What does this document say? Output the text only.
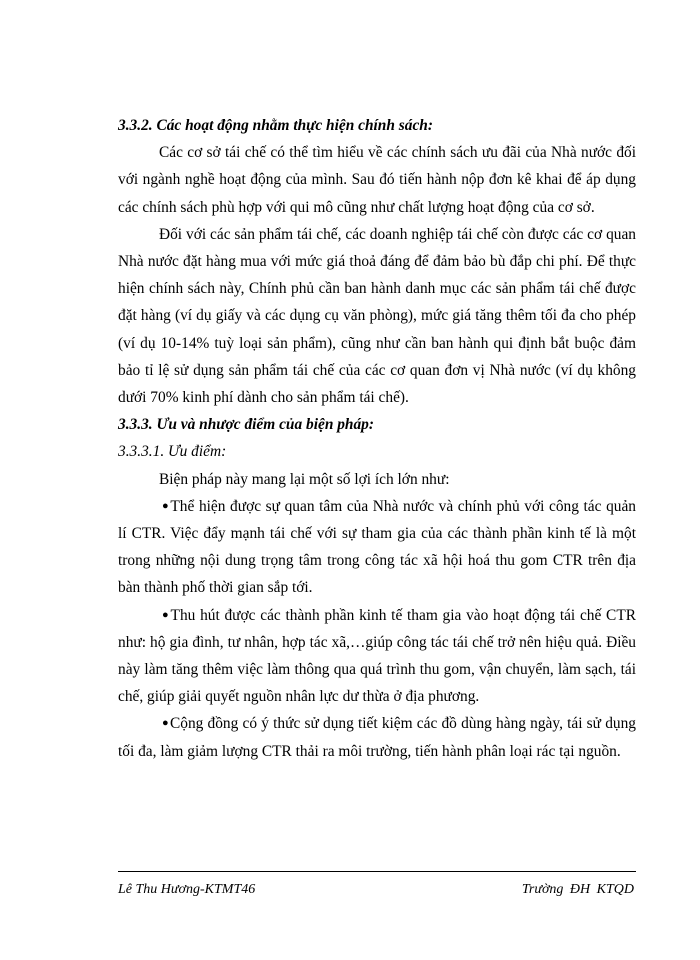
3.3.2. Các hoạt động nhằm thực hiện chính sách:

Các cơ sở tái chế có thể tìm hiểu về các chính sách ưu đãi của Nhà nước đối với ngành nghề hoạt động của mình. Sau đó tiến hành nộp đơn kê khai để áp dụng các chính sách phù hợp với qui mô cũng như chất lượng hoạt động của cơ sở.

Đối với các sản phẩm tái chế, các doanh nghiệp tái chế còn được các cơ quan Nhà nước đặt hàng mua với mức giá thoả đáng để đảm bảo bù đắp chi phí. Để thực hiện chính sách này, Chính phủ cần ban hành danh mục các sản phẩm tái chế được đặt hàng (ví dụ giấy và các dụng cụ văn phòng), mức giá tăng thêm tối đa cho phép (ví dụ 10-14% tuỳ loại sản phẩm), cũng như cần ban hành qui định bắt buộc đảm bảo tỉ lệ sử dụng sản phẩm tái chế của các cơ quan đơn vị Nhà nước (ví dụ không dưới 70% kinh phí dành cho sản phẩm tái chế).

3.3.3. Ưu và nhược điểm của biện pháp:

3.3.3.1. Ưu điểm:

Biện pháp này mang lại một số lợi ích lớn như:

●Thể hiện được sự quan tâm của Nhà nước và chính phủ với công tác quản lí CTR. Việc đẩy mạnh tái chế với sự tham gia của các thành phần kinh tế là một trong những nội dung trọng tâm trong công tác xã hội hoá thu gom CTR trên địa bàn thành phố thời gian sắp tới.

●Thu hút được các thành phần kinh tế tham gia vào hoạt động tái chế CTR như: hộ gia đình, tư nhân, hợp tác xã,…giúp công tác tái chế trở nên hiệu quả. Điều này làm tăng thêm việc làm thông qua quá trình thu gom, vận chuyển, làm sạch, tái chế, giúp giải quyết nguồn nhân lực dư thừa ở địa phương.

●Cộng đồng có ý thức sử dụng tiết kiệm các đồ dùng hàng ngày, tái sử dụng tối đa, làm giảm lượng CTR thải ra môi trường, tiến hành phân loại rác tại nguồn.

Lê Thu Hương-KTMT46	Trường ĐH KTQD
